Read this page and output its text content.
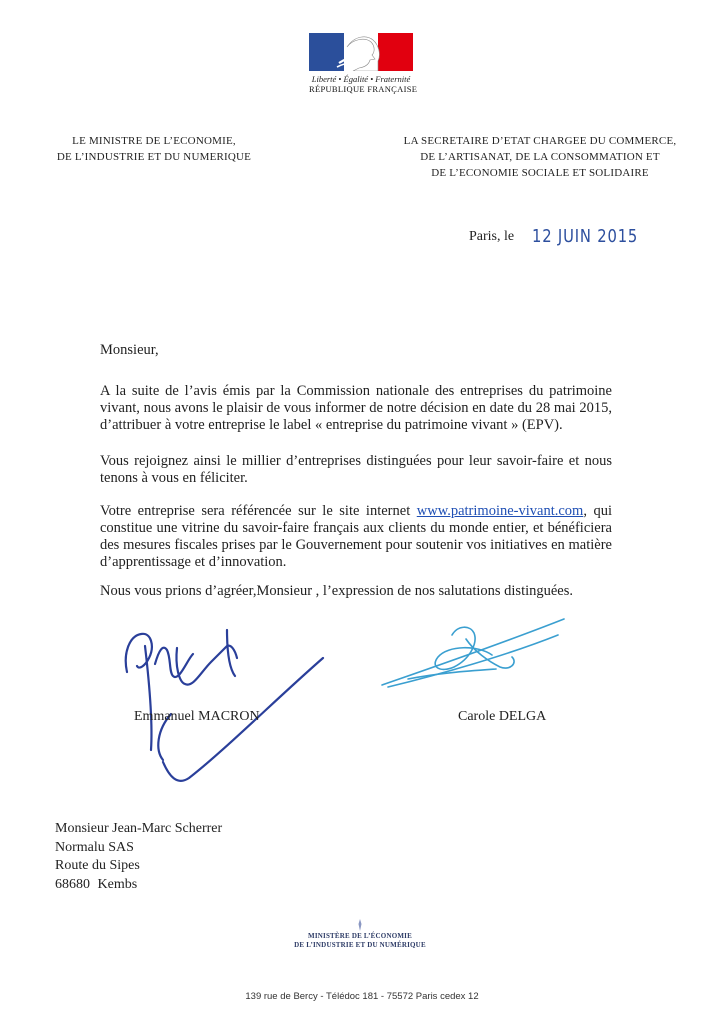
Liberté • Égalité • Fraternité
RÉPUBLIQUE FRANÇAISE
LE MINISTRE DE L’ECONOMIE,
DE L’INDUSTRIE ET DU NUMERIQUE
LA SECRETAIRE D’ETAT CHARGEE DU COMMERCE,
DE L’ARTISANAT, DE LA CONSOMMATION ET
DE L’ECONOMIE SOCIALE ET SOLIDAIRE
Paris, le 12 JUIN 2015
Monsieur,
A la suite de l’avis émis par la Commission nationale des entreprises du patrimoine vivant, nous avons le plaisir de vous informer de notre décision en date du 28 mai 2015, d’attribuer à votre entreprise le label « entreprise du patrimoine vivant » (EPV).
Vous rejoignez ainsi le millier d’entreprises distinguées pour leur savoir-faire et nous tenons à vous en féliciter.
Votre entreprise sera référencée sur le site internet www.patrimoine-vivant.com, qui constitue une vitrine du savoir-faire français aux clients du monde entier, et bénéficiera des mesures fiscales prises par le Gouvernement pour soutenir vos initiatives en matière d’apprentissage et d’innovation.
Nous vous prions d’agréer,Monsieur , l’expression de nos salutations distinguées.
Emmanuel MACRON	Carole DELGA
Monsieur Jean-Marc Scherrer
Normalu SAS
Route du Sipes
68680 Kembs
MINISTÈRE DE L’ÉCONOMIE
DE L’INDUSTRIE ET DU NUMÉRIQUE
139 rue de Bercy - Télédoc 181 - 75572 Paris cedex 12
